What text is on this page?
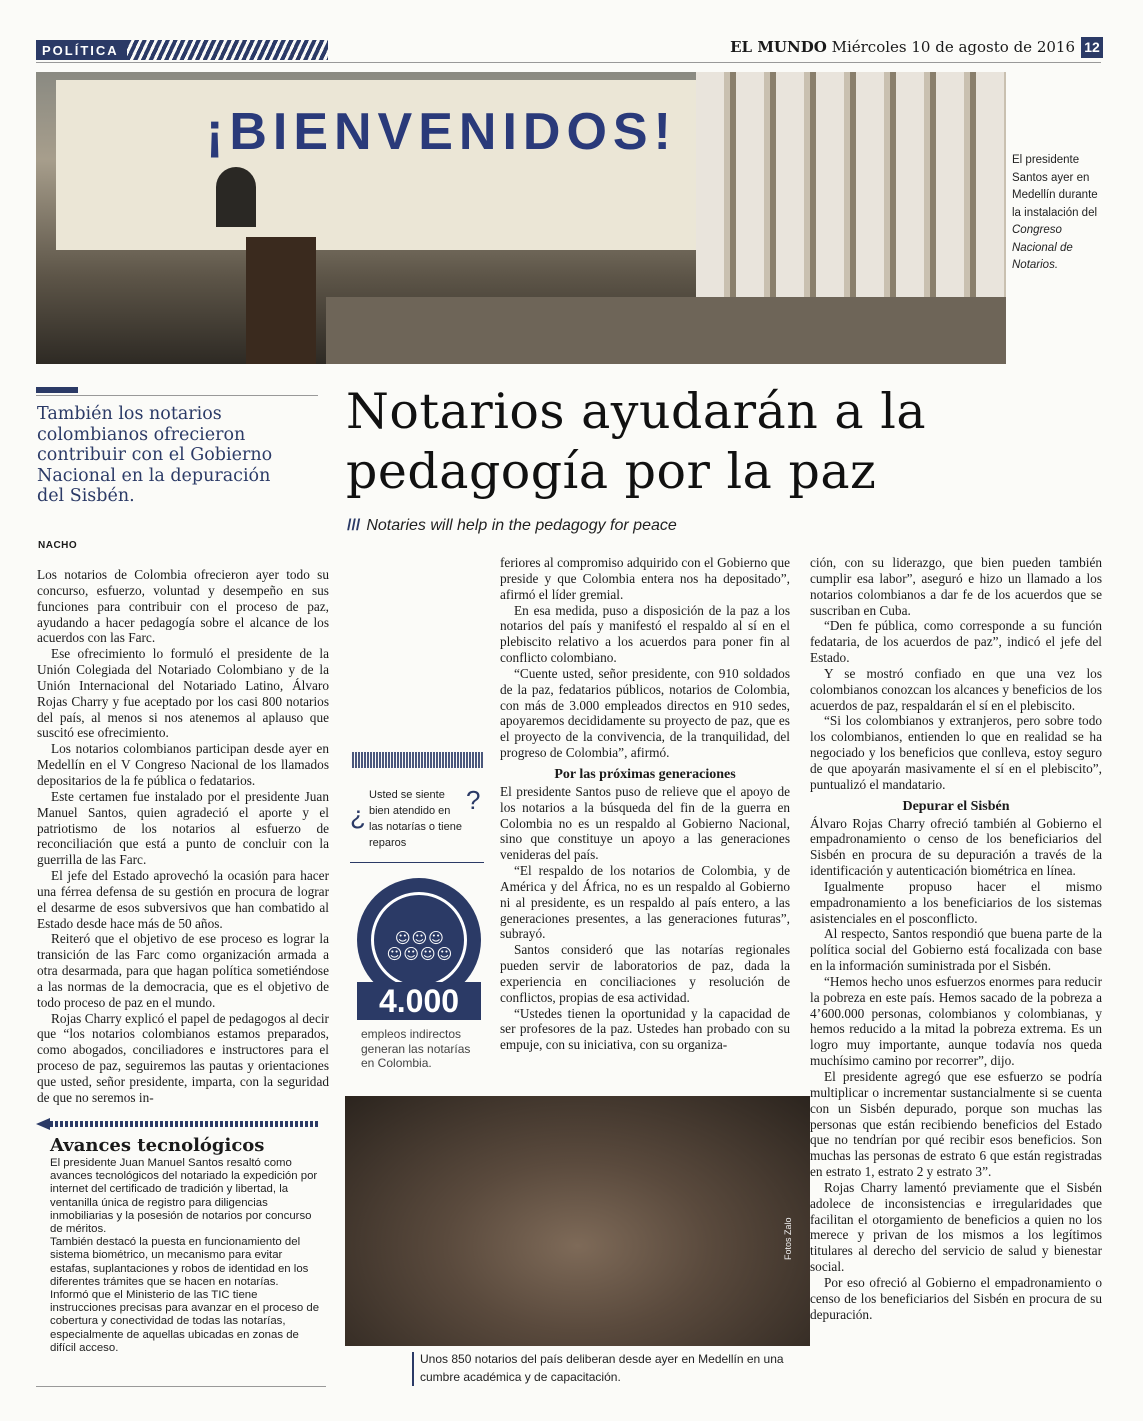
POLÍTICA	EL MUNDO Miércoles 10 de agosto de 2016 12
¡BIENVENIDOS!	El presidente Santos ayer en Medellín durante la instalación del Congreso Nacional de Notarios.
También los notarios colombianos ofrecieron contribuir con el Gobierno Nacional en la depuración del Sisbén.
Notarios ayudarán a la pedagogía por la paz
/// Notaries will help in the pedagogy for peace
NACHO

Los notarios de Colombia ofrecieron ayer todo su concurso, esfuerzo, voluntad y desempeño en sus funciones para contribuir con el proceso de paz, ayudando a hacer pedagogía sobre el alcance de los acuerdos con las Farc.

Ese ofrecimiento lo formuló el presidente de la Unión Colegiada del Notariado Colombiano y de la Unión Internacional del Notariado Latino, Álvaro Rojas Charry y fue aceptado por los casi 800 notarios del país, al menos si nos atenemos al aplauso que suscitó ese ofrecimiento.

Los notarios colombianos participan desde ayer en Medellín en el V Congreso Nacional de los llamados depositarios de la fe pública o fedatarios.

Este certamen fue instalado por el presidente Juan Manuel Santos, quien agradeció el aporte y el patriotismo de los notarios al esfuerzo de reconciliación que está a punto de concluir con la guerrilla de las Farc.

El jefe del Estado aprovechó la ocasión para hacer una férrea defensa de su gestión en procura de lograr el desarme de esos subversivos que han combatido al Estado desde hace más de 50 años.

Reiteró que el objetivo de ese proceso es lograr la transición de las Farc como organización armada a otra desarmada, para que hagan política sometiéndose a las normas de la democracia, que es el objetivo de todo proceso de paz en el mundo.

Rojas Charry explicó el papel de pedagogos al decir que “los notarios colombianos estamos preparados, como abogados, conciliadores e instructores para el proceso de paz, seguiremos las pautas y orientaciones que usted, señor presidente, imparta, con la seguridad de que no seremos in-

feriores al compromiso adquirido con el Gobierno que preside y que Colombia entera nos ha depositado”, afirmó el líder gremial.

En esa medida, puso a disposición de la paz a los notarios del país y manifestó el respaldo al sí en el plebiscito relativo a los acuerdos para poner fin al conflicto colombiano.

“Cuente usted, señor presidente, con 910 soldados de la paz, fedatarios públicos, notarios de Colombia, con más de 3.000 empleados directos en 910 sedes, apoyaremos decididamente su proyecto de paz, que es el proyecto de la convivencia, de la tranquilidad, del progreso de Colombia”, afirmó.

Por las próximas generaciones

El presidente Santos puso de relieve que el apoyo de los notarios a la búsqueda del fin de la guerra en Colombia no es un respaldo al Gobierno Nacional, sino que constituye un apoyo a las generaciones venideras del país.

“El respaldo de los notarios de Colombia, y de América y del África, no es un respaldo al Gobierno ni al presidente, es un respaldo al país entero, a las generaciones presentes, a las generaciones futuras”, subrayó.

Santos consideró que las notarías regionales pueden servir de laboratorios de paz, dada la experiencia en conciliaciones y resolución de conflictos, propias de esa actividad.

“Ustedes tienen la oportunidad y la capacidad de ser profesores de la paz. Ustedes han probado con su empuje, con su iniciativa, con su organiza-

ción, con su liderazgo, que bien pueden también cumplir esa labor”, aseguró e hizo un llamado a los notarios colombianos a dar fe de los acuerdos que se suscriban en Cuba.

“Den fe pública, como corresponde a su función fedataria, de los acuerdos de paz”, indicó el jefe del Estado.

Y se mostró confiado en que una vez los colombianos conozcan los alcances y beneficios de los acuerdos de paz, respaldarán el sí en el plebiscito.

“Si los colombianos y extranjeros, pero sobre todo los colombianos, entienden lo que en realidad se ha negociado y los beneficios que conlleva, estoy seguro de que apoyarán masivamente el sí en el plebiscito”, puntualizó el mandatario.

Depurar el Sisbén

Álvaro Rojas Charry ofreció también al Gobierno el empadronamiento o censo de los beneficiarios del Sisbén en procura de su depuración a través de la identificación y autenticación biométrica en línea.

Igualmente propuso hacer el mismo empadronamiento a los beneficiarios de los sistemas asistenciales en el posconflicto.

Al respecto, Santos respondió que buena parte de la política social del Gobierno está focalizada con base en la información suministrada por el Sisbén.

“Hemos hecho unos esfuerzos enormes para reducir la pobreza en este país. Hemos sacado de la pobreza a 4’600.000 personas, colombianos y colombianas, y hemos reducido a la mitad la pobreza extrema. Es un logro muy importante, aunque todavía nos queda muchísimo camino por recorrer”, dijo.

El presidente agregó que ese esfuerzo se podría multiplicar o incrementar sustancialmente si se cuenta con un Sisbén depurado, porque son muchas las personas que están recibiendo beneficios del Estado que no tendrían por qué recibir esos beneficios. Son muchas las personas de estrato 6 que están registradas en estrato 1, estrato 2 y estrato 3”.

Rojas Charry lamentó previamente que el Sisbén adolece de inconsistencias e irregularidades que facilitan el otorgamiento de beneficios a quien no los merece y privan de los mismos a los legítimos titulares al derecho del servicio de salud y bienestar social.

Por eso ofreció al Gobierno el empadronamiento o censo de los beneficiarios del Sisbén en procura de su depuración.

¿
Usted se siente bien atendido en las notarías o tiene reparos
?
☺☺☺
☺☺☺☺
4.000
empleos indirectos generan las notarías en Colombia.
Avances tecnológicos

El presidente Juan Manuel Santos resaltó como avances tecnológicos del notariado la expedición por internet del certificado de tradición y libertad, la ventanilla única de registro para diligencias inmobiliarias y la posesión de notarios por concurso de méritos.

También destacó la puesta en funcionamiento del sistema biométrico, un mecanismo para evitar estafas, suplantaciones y robos de identidad en los diferentes trámites que se hacen en notarías.

Informó que el Ministerio de las TIC tiene instrucciones precisas para avanzar en el proceso de cobertura y conectividad de todas las notarías, especialmente de aquellas ubicadas en zonas de difícil acceso.

Fotos Zalo
Unos 850 notarios del país deliberan desde ayer en Medellín en una cumbre académica y de capacitación.
